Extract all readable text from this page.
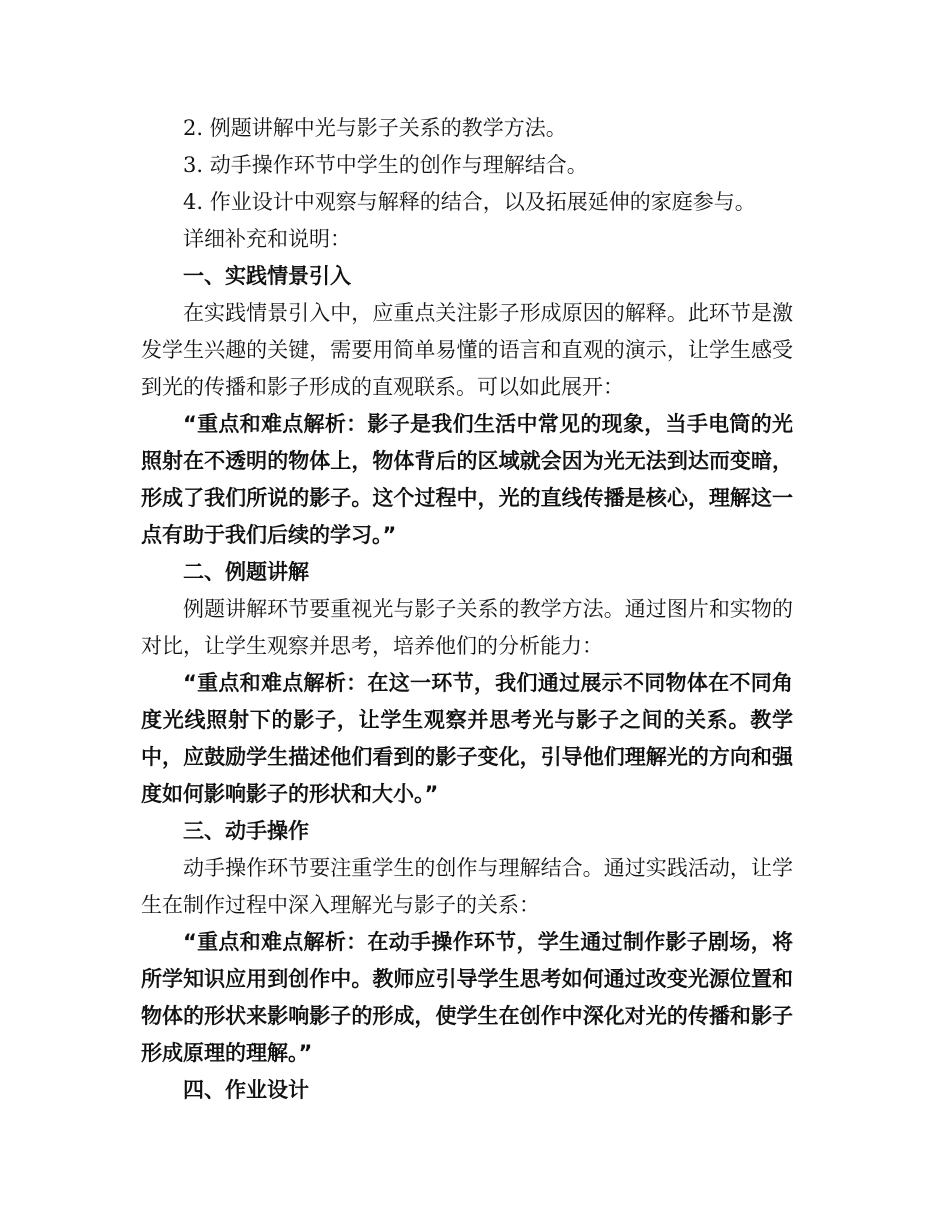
2. 例题讲解中光与影子关系的教学方法。
3. 动手操作环节中学生的创作与理解结合。
4. 作业设计中观察与解释的结合，以及拓展延伸的家庭参与。
详细补充和说明：
一、实践情景引入

在实践情景引入中，应重点关注影子形成原因的解释。此环节是激发学生兴趣的关键，需要用简单易懂的语言和直观的演示，让学生感受到光的传播和影子形成的直观联系。可以如此展开：

“重点和难点解析：影子是我们生活中常见的现象，当手电筒的光照射在不透明的物体上，物体背后的区域就会因为光无法到达而变暗，形成了我们所说的影子。这个过程中，光的直线传播是核心，理解这一点有助于我们后续的学习。”

二、例题讲解

例题讲解环节要重视光与影子关系的教学方法。通过图片和实物的对比，让学生观察并思考，培养他们的分析能力：

“重点和难点解析：在这一环节，我们通过展示不同物体在不同角度光线照射下的影子，让学生观察并思考光与影子之间的关系。教学中，应鼓励学生描述他们看到的影子变化，引导他们理解光的方向和强度如何影响影子的形状和大小。”

三、动手操作

动手操作环节要注重学生的创作与理解结合。通过实践活动，让学生在制作过程中深入理解光与影子的关系：

“重点和难点解析：在动手操作环节，学生通过制作影子剧场，将所学知识应用到创作中。教师应引导学生思考如何通过改变光源位置和物体的形状来影响影子的形成，使学生在创作中深化对光的传播和影子形成原理的理解。”

四、作业设计
